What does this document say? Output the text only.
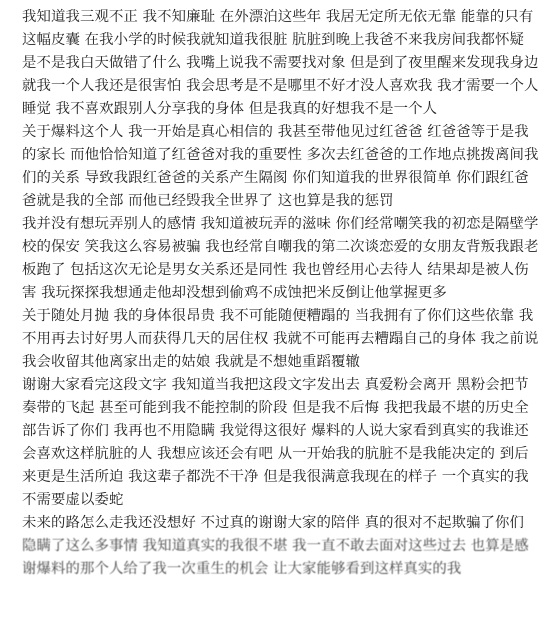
我知道我三观不正 我不知廉耻 在外漂泊这些年 我居无定所无依无靠 能靠的只有
这幅皮囊 在我小学的时候我就知道我很脏 肮脏到晚上我爸不来我房间我都怀疑
是不是我白天做错了什么 我嘴上说我不需要找对象 但是到了夜里醒来发现我身边
就我一个人我还是很害怕 我会思考是不是哪里不好才没人喜欢我 我才需要一个人
睡觉 我不喜欢跟别人分享我的身体 但是我真的好想我不是一个人
关于爆料这个人 我一开始是真心相信的 我甚至带他见过红爸爸 红爸爸等于是我
的家长 而他恰恰知道了红爸爸对我的重要性 多次去红爸爸的工作地点挑拨离间我
们的关系 导致我跟红爸爸的关系产生隔阂 你们知道我的世界很简单 你们跟红爸
爸就是我的全部 而他已经毁我全世界了 这也算是我的惩罚
我并没有想玩弄别人的感情 我知道被玩弄的滋味 你们经常嘲笑我的初恋是隔壁学
校的保安 笑我这么容易被骗 我也经常自嘲我的第二次谈恋爱的女朋友背叛我跟老
板跑了 包括这次无论是男女关系还是同性 我也曾经用心去待人 结果却是被人伤
害 我玩探探我想通走他却没想到偷鸡不成蚀把米反倒让他掌握更多
关于随处月抛 我的身体很昂贵 我不可能随便糟蹋的 当我拥有了你们这些依靠 我
不用再去讨好男人而获得几天的居住权 我就不可能再去糟蹋自己的身体 我之前说
我会收留其他离家出走的姑娘 我就是不想她重蹈覆辙
谢谢大家看完这段文字 我知道当我把这段文字发出去 真爱粉会离开 黑粉会把节
奏带的飞起 甚至可能到我不能控制的阶段 但是我不后悔 我把我最不堪的历史全
部告诉了你们 我再也不用隐瞒 我觉得这很好 爆料的人说大家看到真实的我谁还
会喜欢这样肮脏的人 我想应该还会有吧 从一开始我的肮脏不是我能决定的 到后
来更是生活所迫 我这辈子都洗不干净 但是我很满意我现在的样子 一个真实的我
不需要虚以委蛇
未来的路怎么走我还没想好 不过真的谢谢大家的陪伴 真的很对不起欺骗了你们
隐瞒了这么多事情 我知道真实的我很不堪 我一直不敢去面对这些过去 也算是感
谢爆料的那个人给了我一次重生的机会 让大家能够看到这样真实的我
